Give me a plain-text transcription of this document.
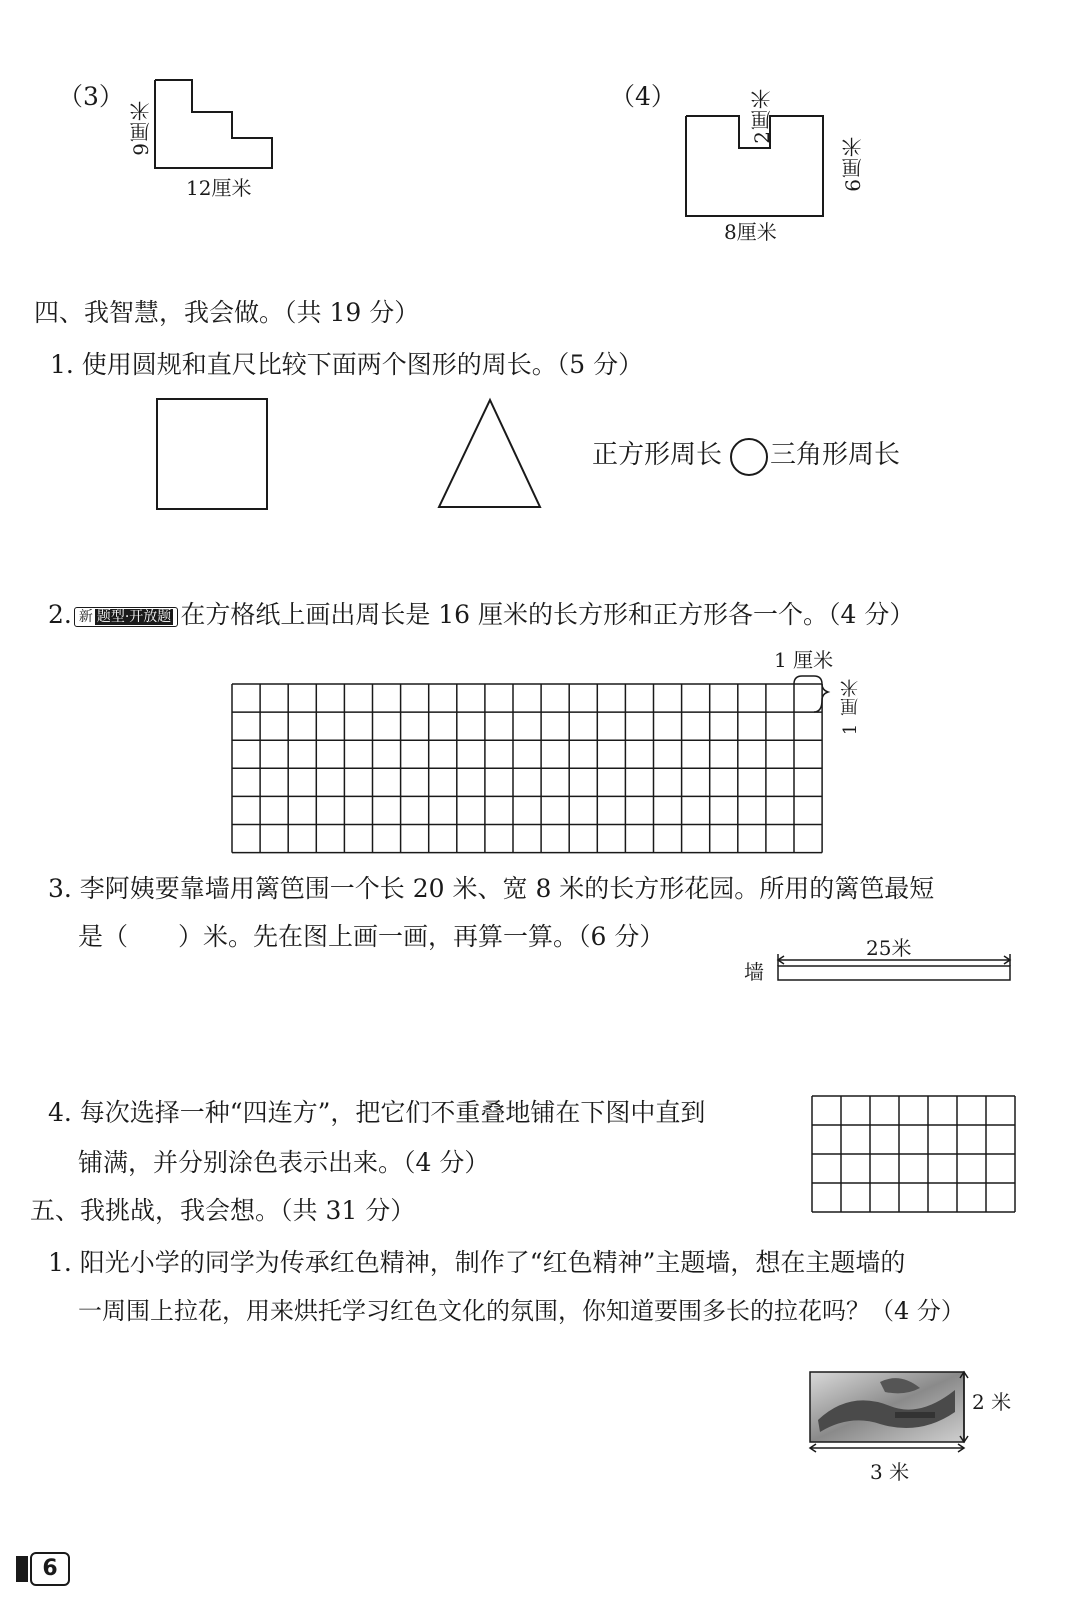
（3）
9厘米
12厘米
（4）	2厘米
6厘米
8厘米
四、我智慧，我会做。（共 19 分）
1. 使用圆规和直尺比较下面两个图形的周长。（5 分）
正方形周长 三角形周长
2. 新 题型·开放题 在方格纸上画出周长是 16 厘米的长方形和正方形各一个。（4 分）
1 厘米
1 厘米
3. 李阿姨要靠墙用篱笆围一个长 20 米、宽 8 米的长方形花园。所用的篱笆最短
是（　　）米。先在图上画一画，再算一算。（6 分）	25米
墙
4. 每次选择一种“四连方”，把它们不重叠地铺在下图中直到
铺满，并分别涂色表示出来。（4 分）
五、我挑战，我会想。（共 31 分）
1. 阳光小学的同学为传承红色精神，制作了“红色精神”主题墙，想在主题墙的
一周围上拉花，用来烘托学习红色文化的氛围，你知道要围多长的拉花吗？（4 分）
2 米
3 米
6
